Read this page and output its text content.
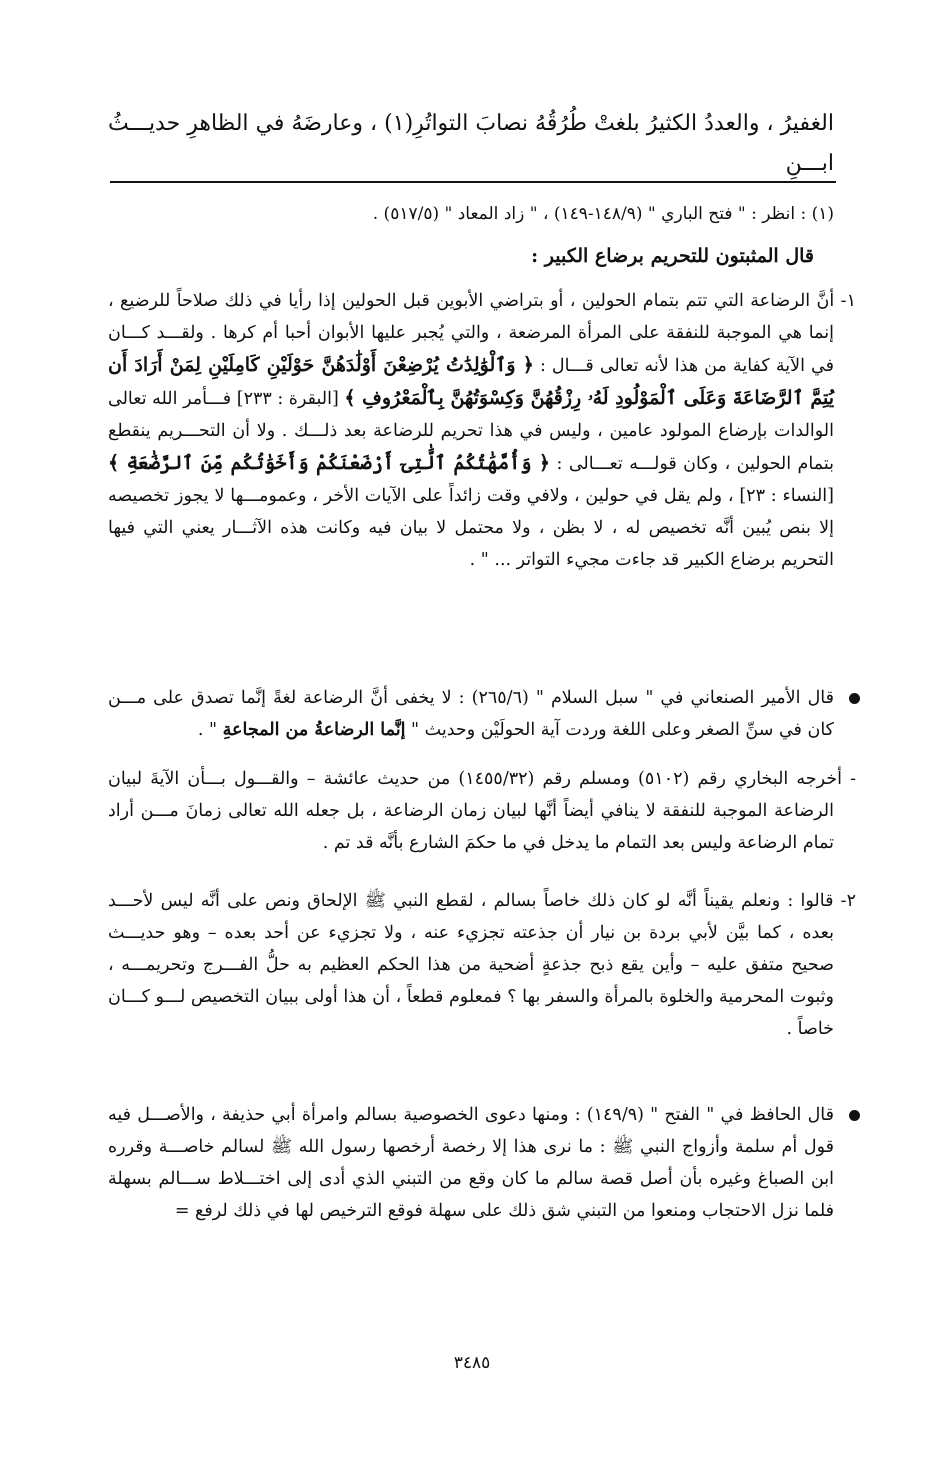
الغفيرُ ، والعددُ الكثيرُ بلغتْ طُرُقُهُ نصابَ التواتُرِ(١) ، وعارضَهُ في الظاهرِ حديـــثُ ابـــنِ
(١) : انظر : " فتح الباري " (١٤٨/٩-١٤٩) ، " زاد المعاد " (٥١٧/٥) .
قال المثبتون للتحريم برضاع الكبير :
١- أنَّ الرضاعة التي تتم بتمام الحولين ، أو بتراضي الأبوين قبل الحولين إذا رأيا في ذلك صلاحاً للرضيع ، إنما هي الموجبة للنفقة على المرأة المرضعة ، والتي يُجبر عليها الأبوان أحبا أم كرها . ولقـــد كـــان في الآية كفاية من هذا لأنه تعالى قـــال : ﴿ وَٱلْوَٰلِدَٰتُ يُرْضِعْنَ أَوْلَٰدَهُنَّ حَوْلَيْنِ كَامِلَيْنِ لِمَنْ أَرَادَ أَن يُتِمَّ ٱلرَّضَاعَةَ وَعَلَى ٱلْمَوْلُودِ لَهُۥ رِزْقُهُنَّ وَكِسْوَتُهُنَّ بِٱلْمَعْرُوفِ ﴾ [البقرة : ٢٣٣] فـــأمر الله تعالى الوالدات بإرضاع المولود عامين ، وليس في هذا تحريم للرضاعة بعد ذلـــك . ولا أن التحـــريم ينقطع بتمام الحولين ، وكان قولـــه تعـــالى : ﴿ وَأُمَّهَٰتُكُمُ ٱلَّٰتِىٓ أَرْضَعْنَكُمْ وَأَخَوَٰتُكُم مِّنَ ٱلرَّضَٰعَةِ ﴾ [النساء : ٢٣] ، ولم يقل في حولين ، ولافي وقت زائداً على الآيات الأخر ، وعمومـــها لا يجوز تخصيصه إلا بنص يُبين أنَّه تخصيص له ، لا بظن ، ولا محتمل لا بيان فيه وكانت هذه الآثـــار يعني التي فيها التحريم برضاع الكبير قد جاءت مجيء التواتر ... " .
قال الأمير الصنعاني في " سبل السلام " (٢٦٥/٦) : لا يخفى أنَّ الرضاعة لغةً إنَّما تصدق على مـــن كان في سنِّ الصغر وعلى اللغة وردت آية الحولَيْن وحديث " إنَّما الرضاعةُ من المجاعةِ " .
- أخرجه البخاري رقم (٥١٠٢) ومسلم رقم (١٤٥٥/٣٢) من حديث عائشة – والقـــول بـــأن الآيةَ لبيان الرضاعة الموجبة للنفقة لا ينافي أيضاً أنَّها لبيان زمان الرضاعة ، بل جعله الله تعالى زمانَ مـــن أراد تمام الرضاعة وليس بعد التمام ما يدخل في ما حكمَ الشارع بأنَّه قد تم .
٢- قالوا : ونعلم يقيناً أنَّه لو كان ذلك خاصاً بسالم ، لقطع النبي ﷺ الإلحاق ونص على أنَّه ليس لأحـــد بعده ، كما بيَّن لأبي بردة بن نيار أن جذعته تجزيء عنه ، ولا تجزيء عن أحد بعده – وهو حديـــث صحيح متفق عليه – وأين يقع ذبح جذعةٍ أضحية من هذا الحكم العظيم به حلُّ الفـــرج وتحريمـــه ، وثبوت المحرمية والخلوة بالمرأة والسفر بها ؟ فمعلوم قطعاً ، أن هذا أولى ببيان التخصيص لـــو كـــان خاصاً .
قال الحافظ في " الفتح " (١٤٩/٩) : ومنها دعوى الخصوصية بسالم وامرأة أبي حذيفة ، والأصـــل فيه قول أم سلمة وأزواج النبي ﷺ : ما نرى هذا إلا رخصة أرخصها رسول الله ﷺ لسالم خاصـــة وقرره ابن الصباغ وغيره بأن أصل قصة سالم ما كان وقع من التبني الذي أدى إلى اختـــلاط ســـالم بسهلة فلما نزل الاحتجاب ومنعوا من التبني شق ذلك على سهلة فوقع الترخيص لها في ذلك لرفع =
٣٤٨٥
